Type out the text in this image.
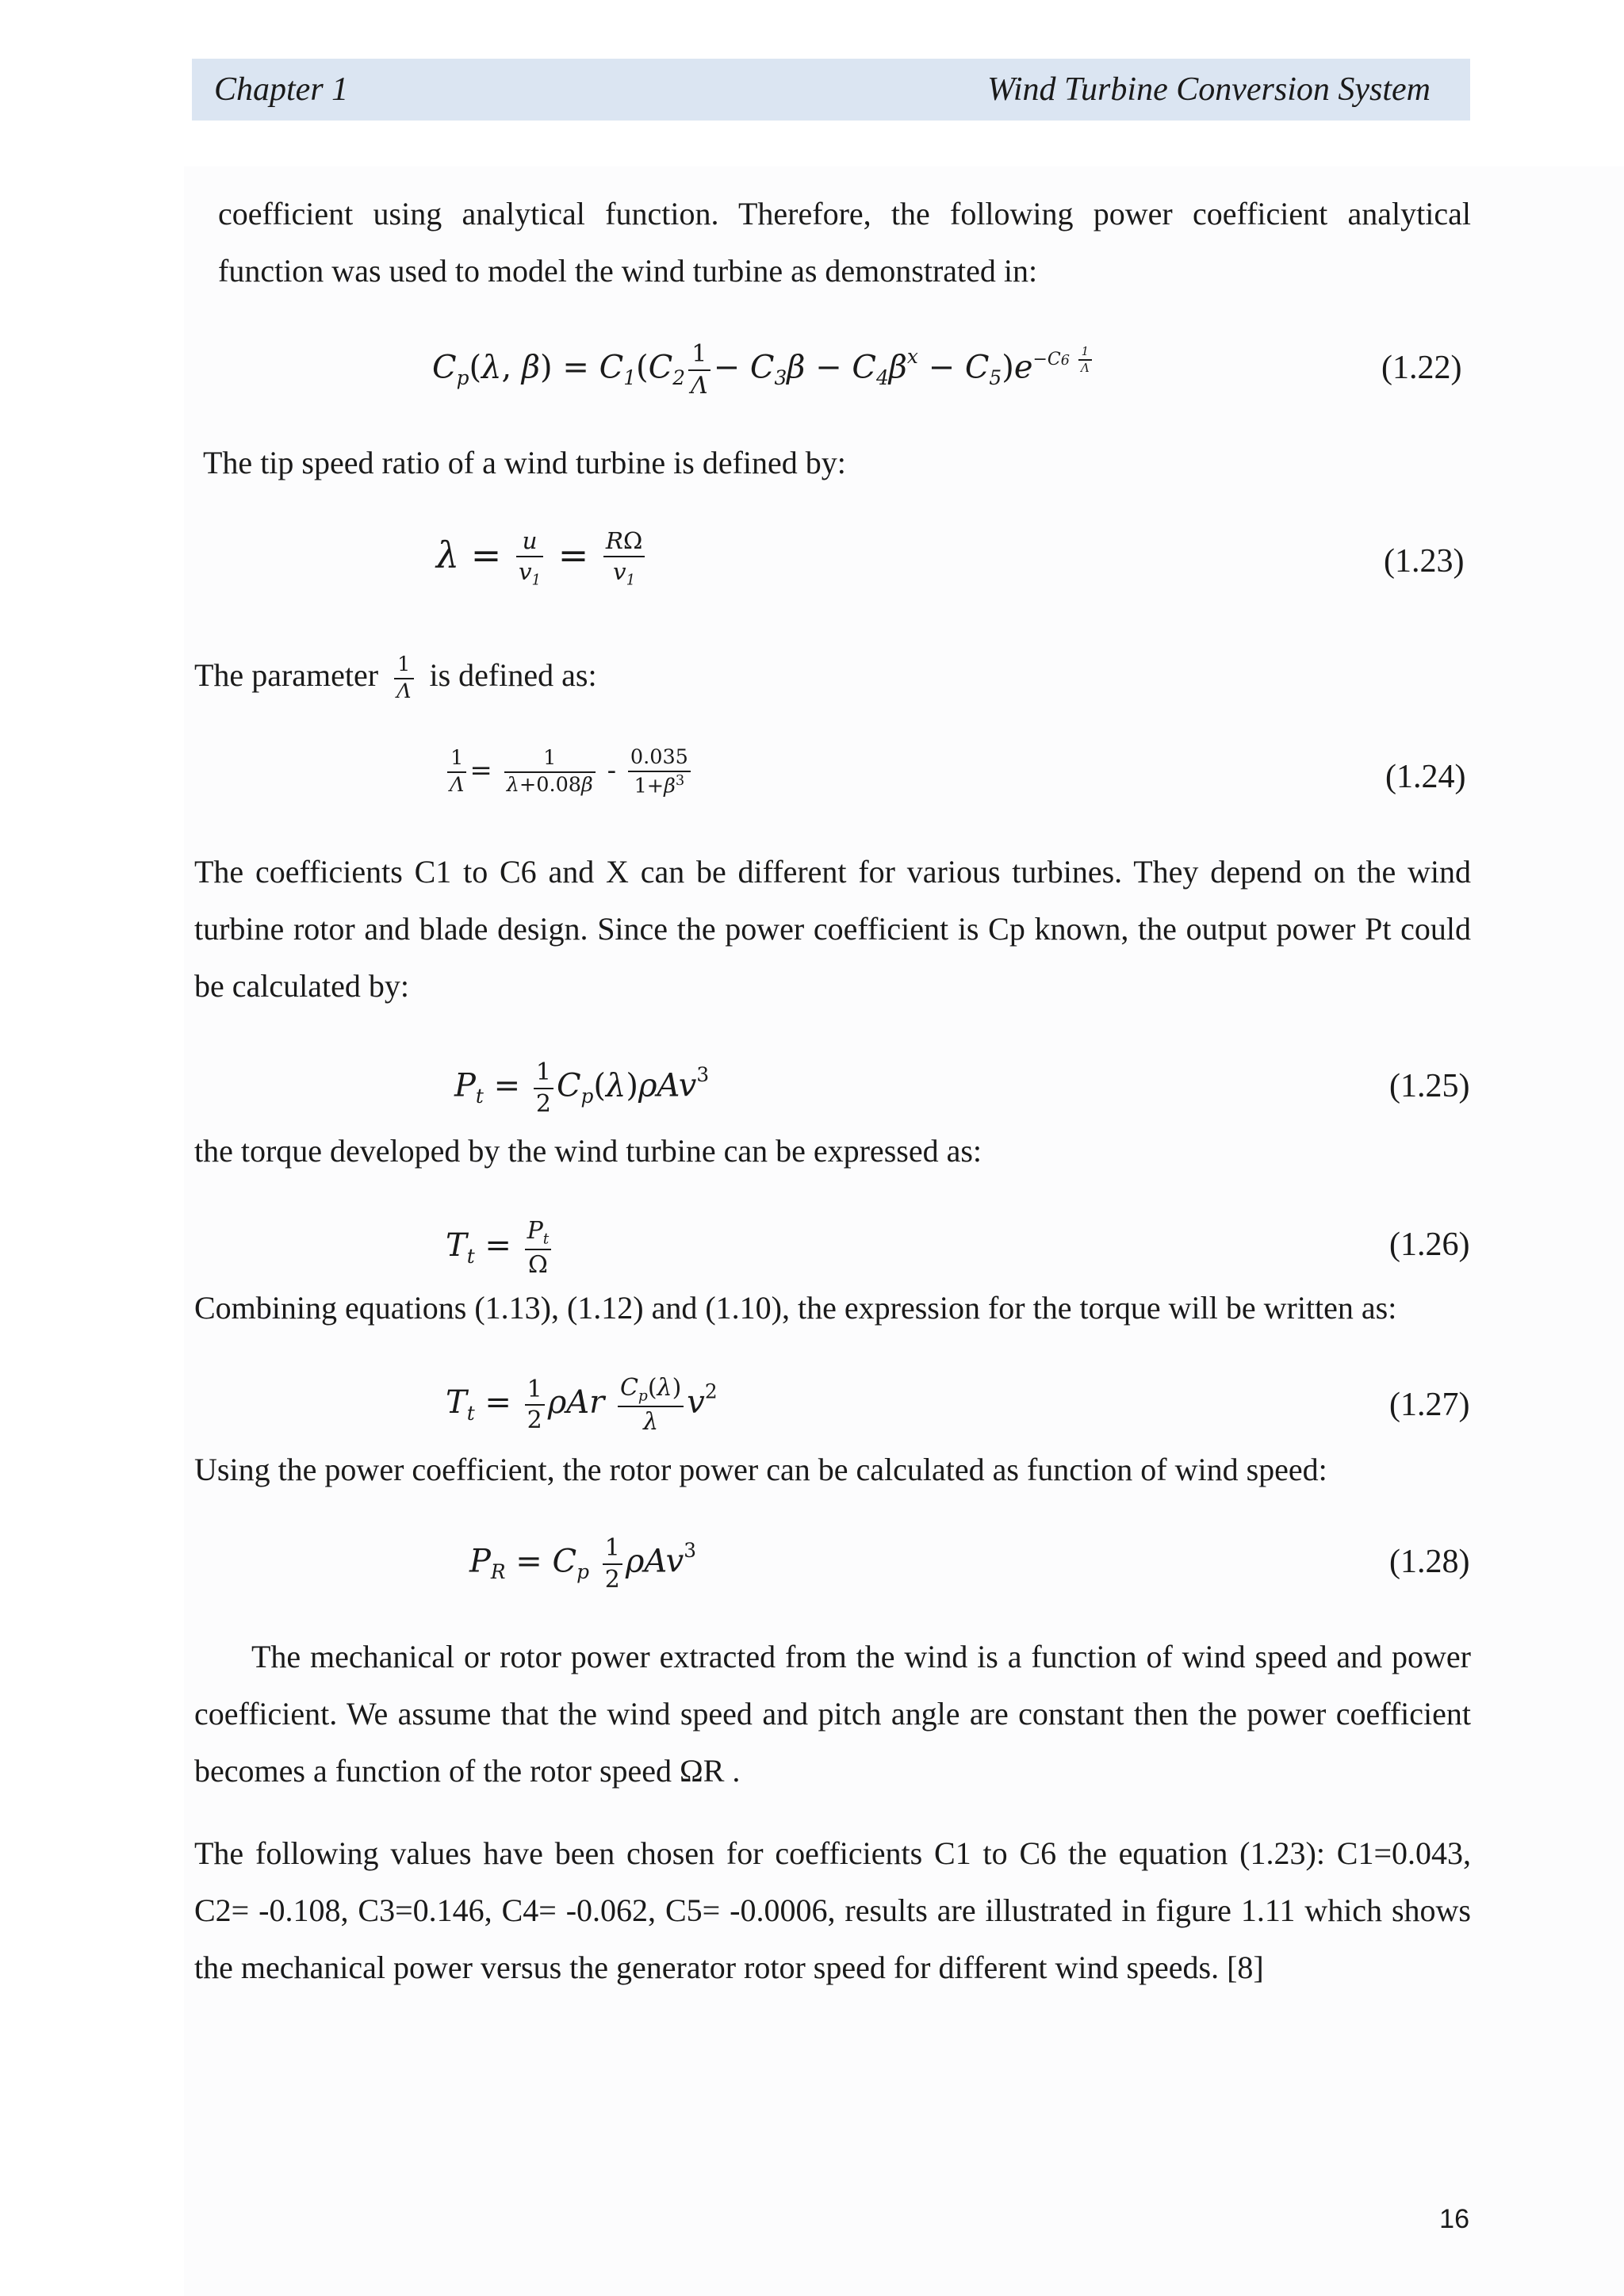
Chapter 1	Wind Turbine Conversion System
coefficient using analytical function. Therefore, the following power coefficient analytical function was used to model the wind turbine as demonstrated in:
$C_p(\lambda$, $\beta) = C_1(C_2 \frac{1}{\Lambda} - C_3\beta - C_4\beta^x - C_5)e^{-C6 \frac{1}{\Lambda}}$	(1.22)
The tip speed ratio of a wind turbine is defined by:
$\lambda = \frac{u}{v_1} = \frac{R\Omega}{v_1}$	(1.23)
The parameter $\frac{1}{\Lambda}$ is defined as:
$\frac{1}{\Lambda} = \frac{1}{\lambda+0.08\beta} - \frac{0.035}{1+\beta^3}$	(1.24)
The coefficients C1 to C6 and X can be different for various turbines. They depend on the wind turbine rotor and blade design. Since the power coefficient is Cp known, the output power Pt could be calculated by:
$P_t = \frac{1}{2} C_p(\lambda)\rho Av^3$	(1.25)
the torque developed by the wind turbine can be expressed as:
$T_t = \frac{P_t}{\Omega}$	(1.26)
Combining equations (1.13), (1.12) and (1.10), the expression for the torque will be written as:
$T_t = \frac{1}{2}$ ρAr $\frac{C_p(\lambda)}{\lambda} v^2$	(1.27)
Using the power coefficient, the rotor power can be calculated as function of wind speed:
$P_R = C_p \frac{1}{2} \rho Av^3$	(1.28)
The mechanical or rotor power extracted from the wind is a function of wind speed and power coefficient. We assume that the wind speed and pitch angle are constant then the power coefficient becomes a function of the rotor speed ΩR .
The following values have been chosen for coefficients C1 to C6 the equation (1.23): C1=0.043, C2= -0.108, C3=0.146, C4= -0.062, C5= -0.0006, results are illustrated in figure 1.11 which shows the mechanical power versus the generator rotor speed for different wind speeds. [8]
16
